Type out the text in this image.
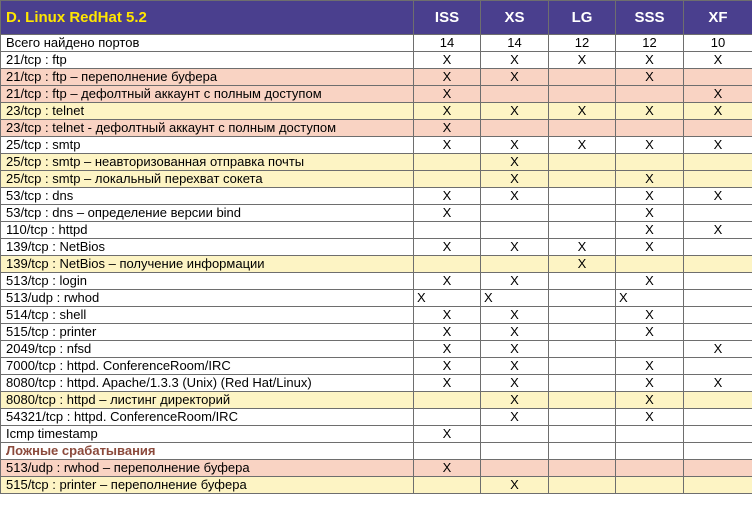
D. Linux RedHat 5.2	ISS	XS	LG	SSS	XF
Всего найдено портов	14	14	12	12	10
21/tcp : ftp	X	X	X	X	X
21/tcp : ftp – переполнение буфера	X	X		X	
21/tcp : ftp – дефолтный аккаунт с полным доступом	X				X
23/tcp : telnet	X	X	X	X	X
23/tcp : telnet - дефолтный аккаунт с полным доступом	X				
25/tcp : smtp	X	X	X	X	X
25/tcp : smtp – неавторизованная отправка почты		X			
25/tcp : smtp – локальный перехват сокета		X		X	
53/tcp : dns	X	X		X	X
53/tcp : dns – определение версии bind	X			X	
110/tcp : httpd				X	X
139/tcp : NetBios	X	X	X	X	
139/tcp : NetBios – получение информации			X		
513/tcp : login	X	X		X	
513/udp : rwhod	X	X		X	
514/tcp : shell	X	X		X	
515/tcp : printer	X	X		X	
2049/tcp : nfsd	X	X			X
7000/tcp : httpd. ConferenceRoom/IRC	X	X		X	
8080/tcp : httpd. Apache/1.3.3 (Unix) (Red Hat/Linux)	X	X		X	X
8080/tcp : httpd – листинг директорий		X		X	
54321/tcp : httpd. ConferenceRoom/IRC		X		X	
Icmp timestamp	X				
Ложные срабатывания					
513/udp : rwhod – переполнение буфера	X				
515/tcp : printer – переполнение буфера		X			
